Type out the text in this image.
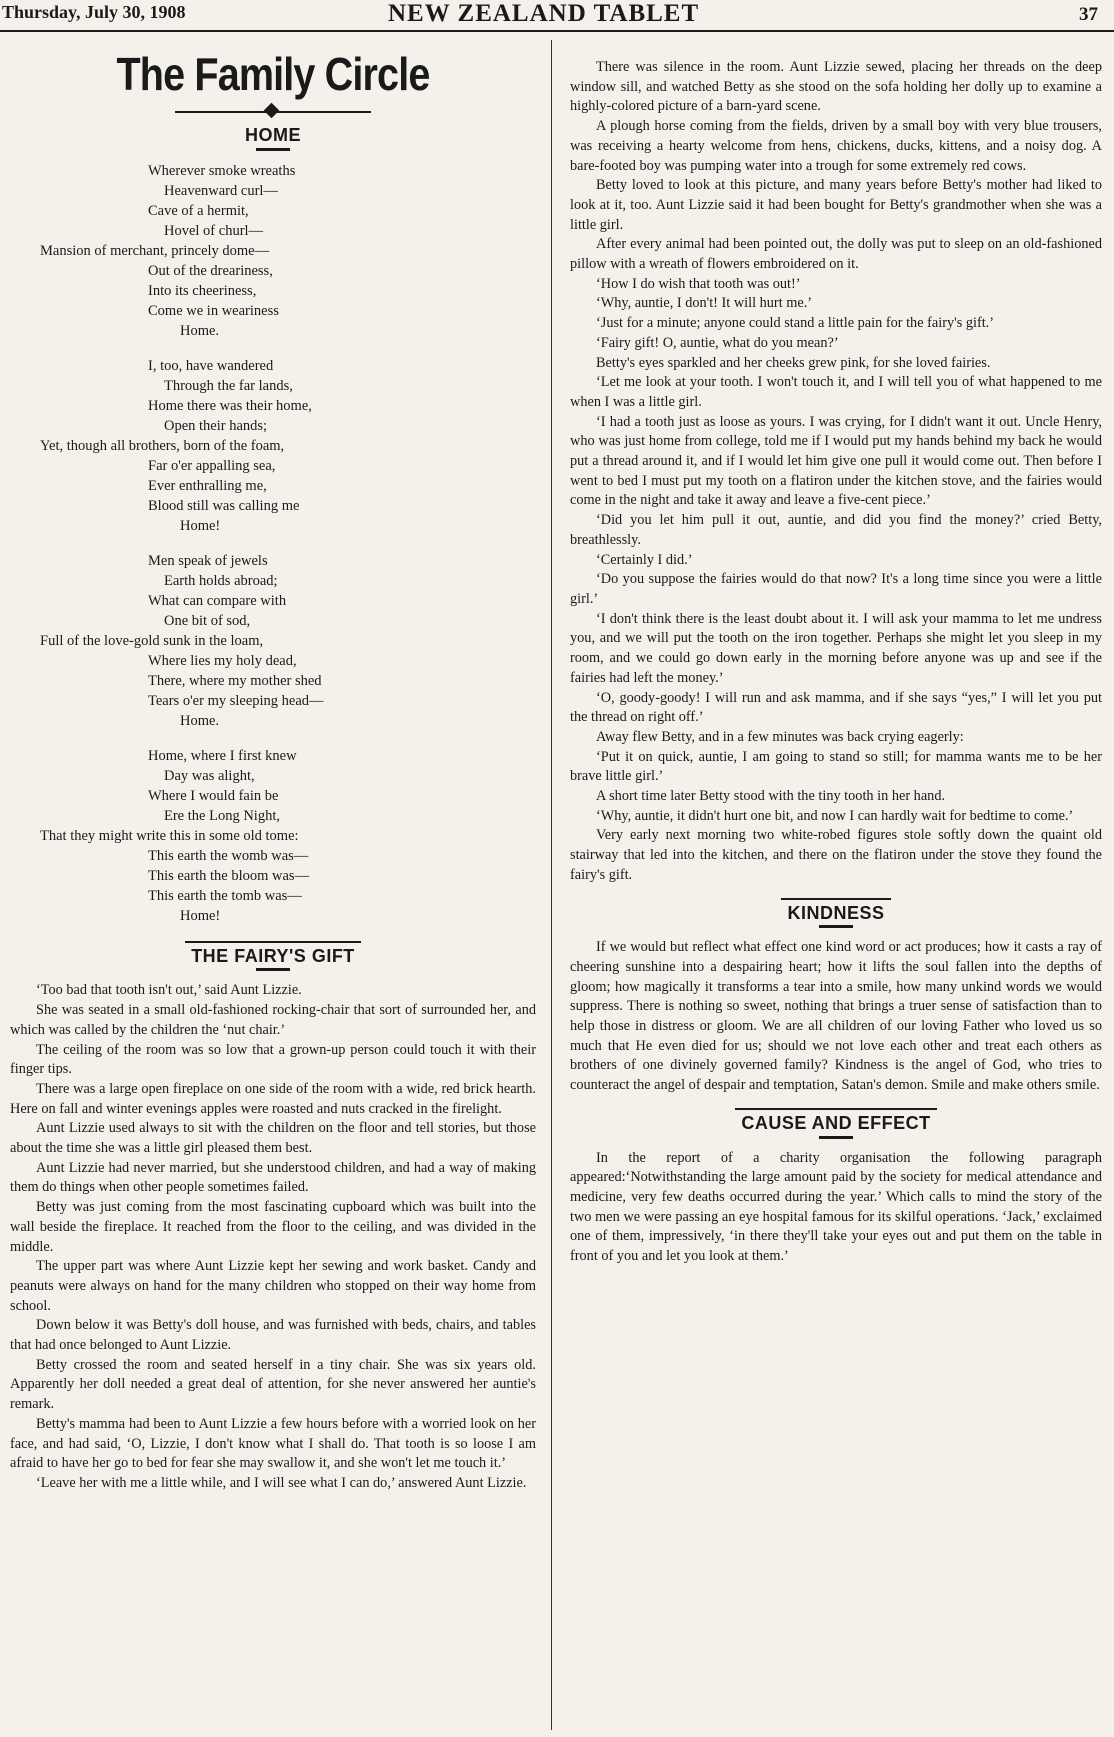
Thursday, July 30, 1908	NEW ZEALAND TABLET	37
The Family Circle
HOME
Wherever smoke wreaths
Heavenward curl—
Cave of a hermit,
Hovel of churl—
Mansion of merchant, princely dome—
Out of the dreariness,
Into its cheeriness,
Come we in weariness
Home.
I, too, have wandered
Through the far lands,
Home there was their home,
Open their hands;
Yet, though all brothers, born of the foam,
Far o'er appalling sea,
Ever enthralling me,
Blood still was calling me
Home!
Men speak of jewels
Earth holds abroad;
What can compare with
One bit of sod,
Full of the love-gold sunk in the loam,
Where lies my holy dead,
There, where my mother shed
Tears o'er my sleeping head—
Home.
Home, where I first knew
Day was alight,
Where I would fain be
Ere the Long Night,
That they might write this in some old tome:
This earth the womb was—
This earth the bloom was—
This earth the tomb was—
Home!
THE FAIRY'S GIFT

‘Too bad that tooth isn't out,’ said Aunt Lizzie.

She was seated in a small old-fashioned rocking-chair that sort of surrounded her, and which was called by the children the ‘nut chair.’

The ceiling of the room was so low that a grown-up person could touch it with their finger tips.

There was a large open fireplace on one side of the room with a wide, red brick hearth. Here on fall and winter evenings apples were roasted and nuts cracked in the firelight.

Aunt Lizzie used always to sit with the children on the floor and tell stories, but those about the time she was a little girl pleased them best.

Aunt Lizzie had never married, but she understood children, and had a way of making them do things when other people sometimes failed.

Betty was just coming from the most fascinating cupboard which was built into the wall beside the fireplace. It reached from the floor to the ceiling, and was divided in the middle.

The upper part was where Aunt Lizzie kept her sewing and work basket. Candy and peanuts were always on hand for the many children who stopped on their way home from school.

Down below it was Betty's doll house, and was furnished with beds, chairs, and tables that had once belonged to Aunt Lizzie.

Betty crossed the room and seated herself in a tiny chair. She was six years old. Apparently her doll needed a great deal of attention, for she never answered her auntie's remark.

Betty's mamma had been to Aunt Lizzie a few hours before with a worried look on her face, and had said, ‘O, Lizzie, I don't know what I shall do. That tooth is so loose I am afraid to have her go to bed for fear she may swallow it, and she won't let me touch it.’

‘Leave her with me a little while, and I will see what I can do,’ answered Aunt Lizzie.

There was silence in the room. Aunt Lizzie sewed, placing her threads on the deep window sill, and watched Betty as she stood on the sofa holding her dolly up to examine a highly-colored picture of a barn-yard scene.

A plough horse coming from the fields, driven by a small boy with very blue trousers, was receiving a hearty welcome from hens, chickens, ducks, kittens, and a noisy dog. A bare-footed boy was pumping water into a trough for some extremely red cows.

Betty loved to look at this picture, and many years before Betty's mother had liked to look at it, too. Aunt Lizzie said it had been bought for Betty's grandmother when she was a little girl.

After every animal had been pointed out, the dolly was put to sleep on an old-fashioned pillow with a wreath of flowers embroidered on it.

‘How I do wish that tooth was out!’

‘Why, auntie, I don't! It will hurt me.’

‘Just for a minute; anyone could stand a little pain for the fairy's gift.’

‘Fairy gift! O, auntie, what do you mean?’

Betty's eyes sparkled and her cheeks grew pink, for she loved fairies.

‘Let me look at your tooth. I won't touch it, and I will tell you of what happened to me when I was a little girl.

‘I had a tooth just as loose as yours. I was crying, for I didn't want it out. Uncle Henry, who was just home from college, told me if I would put my hands behind my back he would put a thread around it, and if I would let him give one pull it would come out. Then before I went to bed I must put my tooth on a flatiron under the kitchen stove, and the fairies would come in the night and take it away and leave a five-cent piece.’

‘Did you let him pull it out, auntie, and did you find the money?’ cried Betty, breathlessly.

‘Certainly I did.’

‘Do you suppose the fairies would do that now? It's a long time since you were a little girl.’

‘I don't think there is the least doubt about it. I will ask your mamma to let me undress you, and we will put the tooth on the iron together. Perhaps she might let you sleep in my room, and we could go down early in the morning before anyone was up and see if the fairies had left the money.’

‘O, goody-goody! I will run and ask mamma, and if she says “yes,” I will let you put the thread on right off.’

Away flew Betty, and in a few minutes was back crying eagerly:

‘Put it on quick, auntie, I am going to stand so still; for mamma wants me to be her brave little girl.’

A short time later Betty stood with the tiny tooth in her hand.

‘Why, auntie, it didn't hurt one bit, and now I can hardly wait for bedtime to come.’

Very early next morning two white-robed figures stole softly down the quaint old stairway that led into the kitchen, and there on the flatiron under the stove they found the fairy's gift.

KINDNESS

If we would but reflect what effect one kind word or act produces; how it casts a ray of cheering sunshine into a despairing heart; how it lifts the soul fallen into the depths of gloom; how magically it transforms a tear into a smile, how many unkind words we would suppress. There is nothing so sweet, nothing that brings a truer sense of satisfaction than to help those in distress or gloom. We are all children of our loving Father who loved us so much that He even died for us; should we not love each other and treat each others as brothers of one divinely governed family? Kindness is the angel of God, who tries to counteract the angel of despair and temptation, Satan's demon. Smile and make others smile.

CAUSE AND EFFECT

In the report of a charity organisation the following paragraph appeared:‘Notwithstanding the large amount paid by the society for medical attendance and medicine, very few deaths occurred during the year.’ Which calls to mind the story of the two men we were passing an eye hospital famous for its skilful operations. ‘Jack,’ exclaimed one of them, impressively, ‘in there they'll take your eyes out and put them on the table in front of you and let you look at them.’
